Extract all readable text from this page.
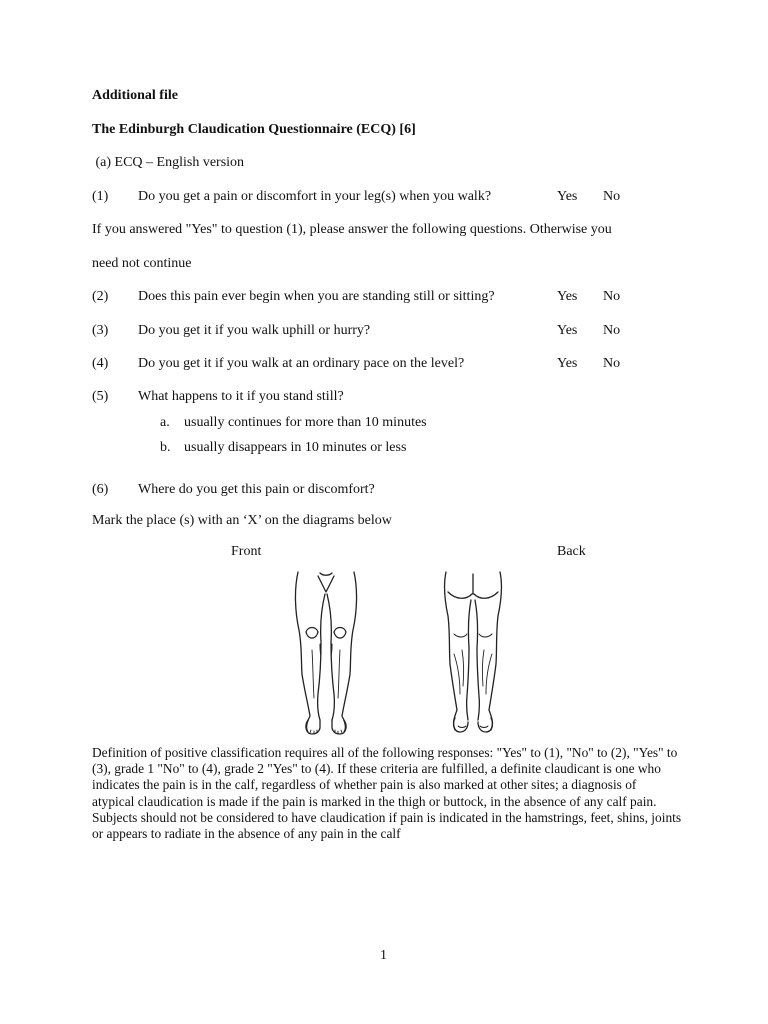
Additional file
The Edinburgh Claudication Questionnaire (ECQ) [6]
(a) ECQ – English version
(1) Do you get a pain or discomfort in your leg(s) when you walk?	Yes No
If you answered "Yes" to question (1), please answer the following questions. Otherwise you
need not continue
(2) Does this pain ever begin when you are standing still or sitting?	Yes No
(3) Do you get it if you walk uphill or hurry?	Yes No
(4) Do you get it if you walk at an ordinary pace on the level?	Yes No
(5) What happens to it if you stand still?
a. usually continues for more than 10 minutes
b. usually disappears in 10 minutes or less
(6) Where do you get this pain or discomfort?
Mark the place (s) with an ‘X’ on the diagrams below
Front	Back
Definition of positive classification requires all of the following responses: "Yes" to (1), "No" to (2), "Yes" to (3), grade 1 "No" to (4), grade 2 "Yes" to (4). If these criteria are fulfilled, a definite claudicant is one who indicates the pain is in the calf, regardless of whether pain is also marked at other sites; a diagnosis of atypical claudication is made if the pain is marked in the thigh or buttock, in the absence of any calf pain. Subjects should not be considered to have claudication if pain is indicated in the hamstrings, feet, shins, joints or appears to radiate in the absence of any pain in the calf
1
